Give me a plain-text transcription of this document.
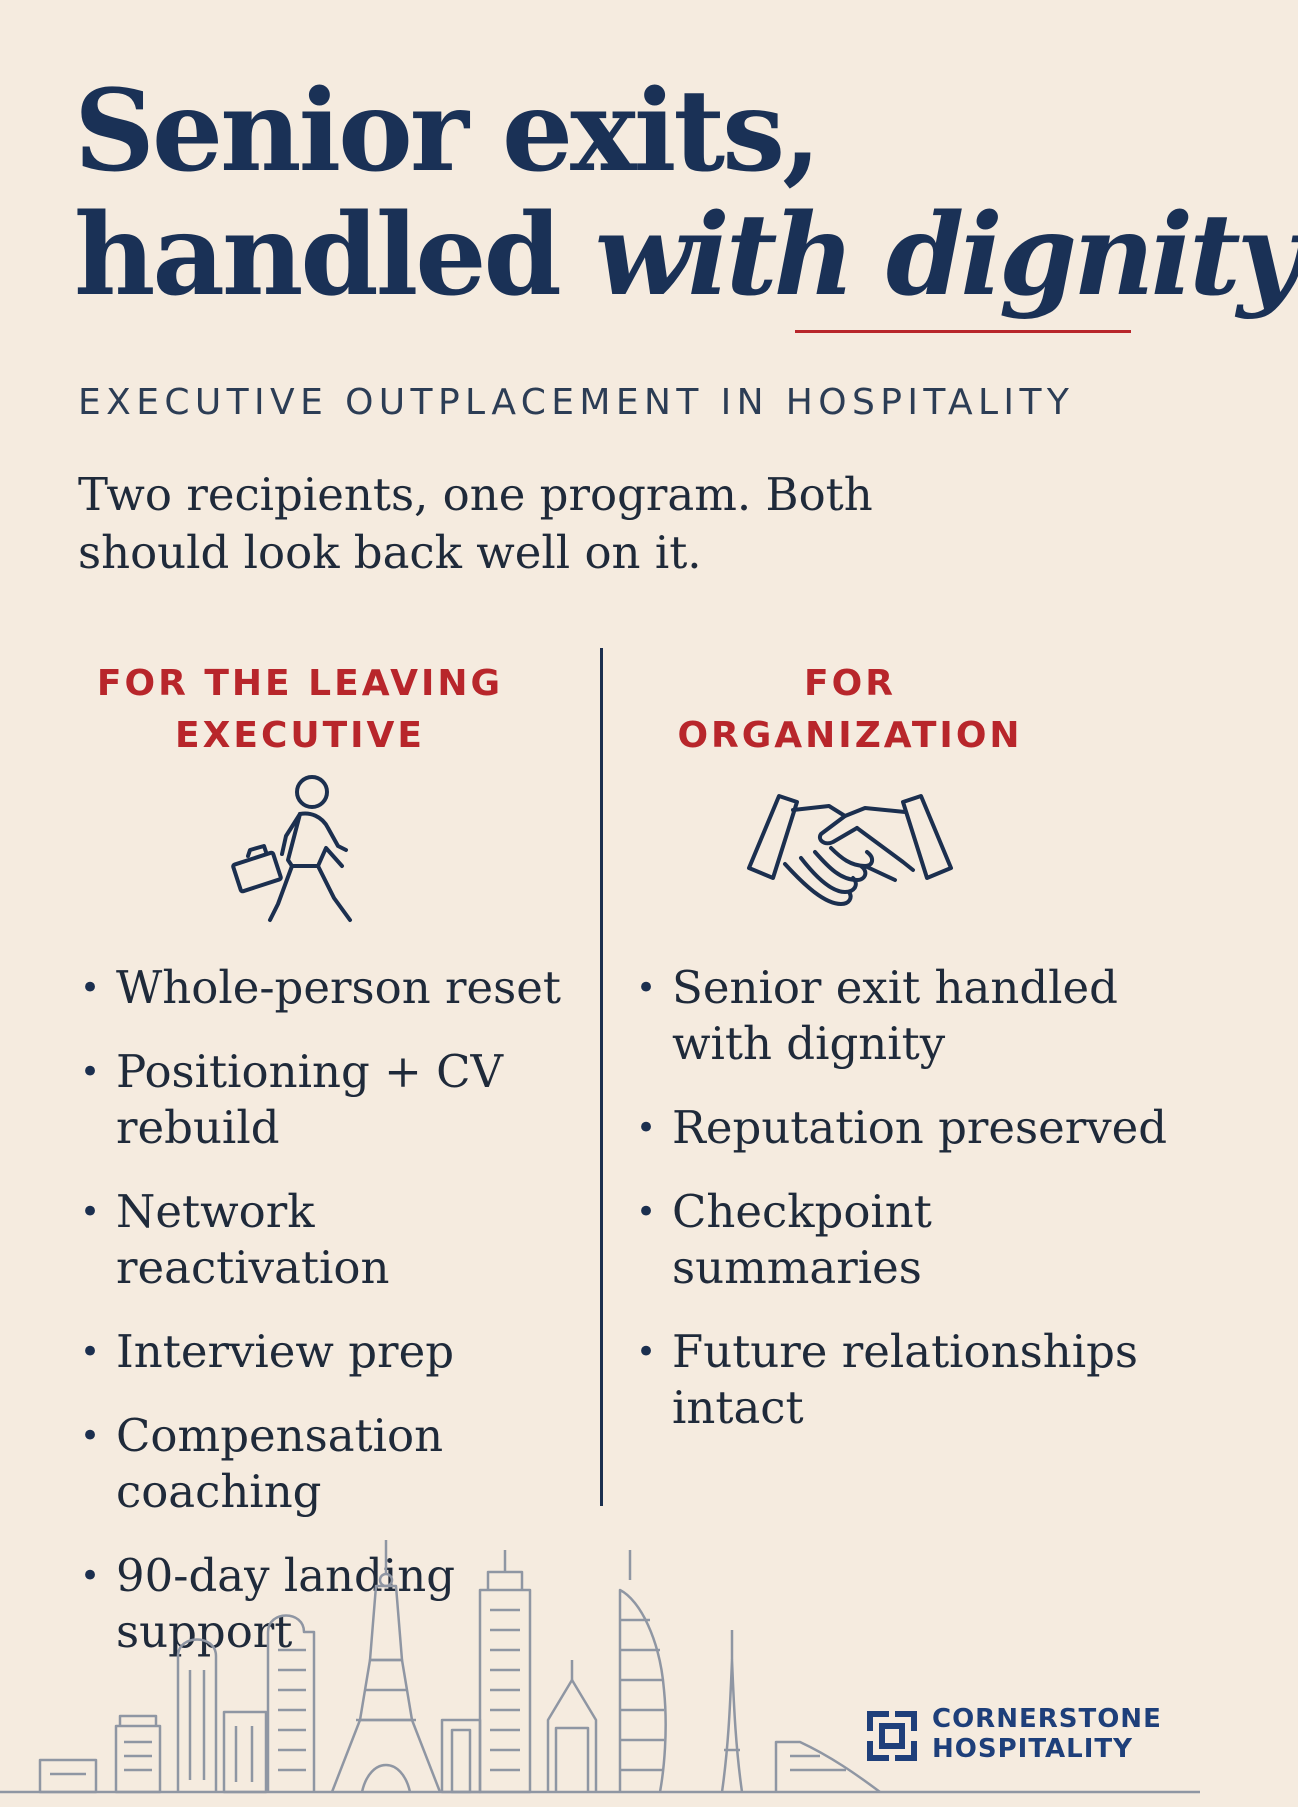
Senior exits,
handled with dignity

EXECUTIVE OUTPLACEMENT IN HOSPITALITY

Two recipients, one program. Both should look back well on it.

FOR THE LEAVING
EXECUTIVE
FOR
ORGANIZATION
• Whole-person reset
• Positioning + CV rebuild
• Network reactivation
• Interview prep
• Compensation coaching
• 90-day landing support
• Senior exit handled with dignity
• Reputation preserved
• Checkpoint summaries
• Future relationships intact

CORNERSTONE
HOSPITALITY
